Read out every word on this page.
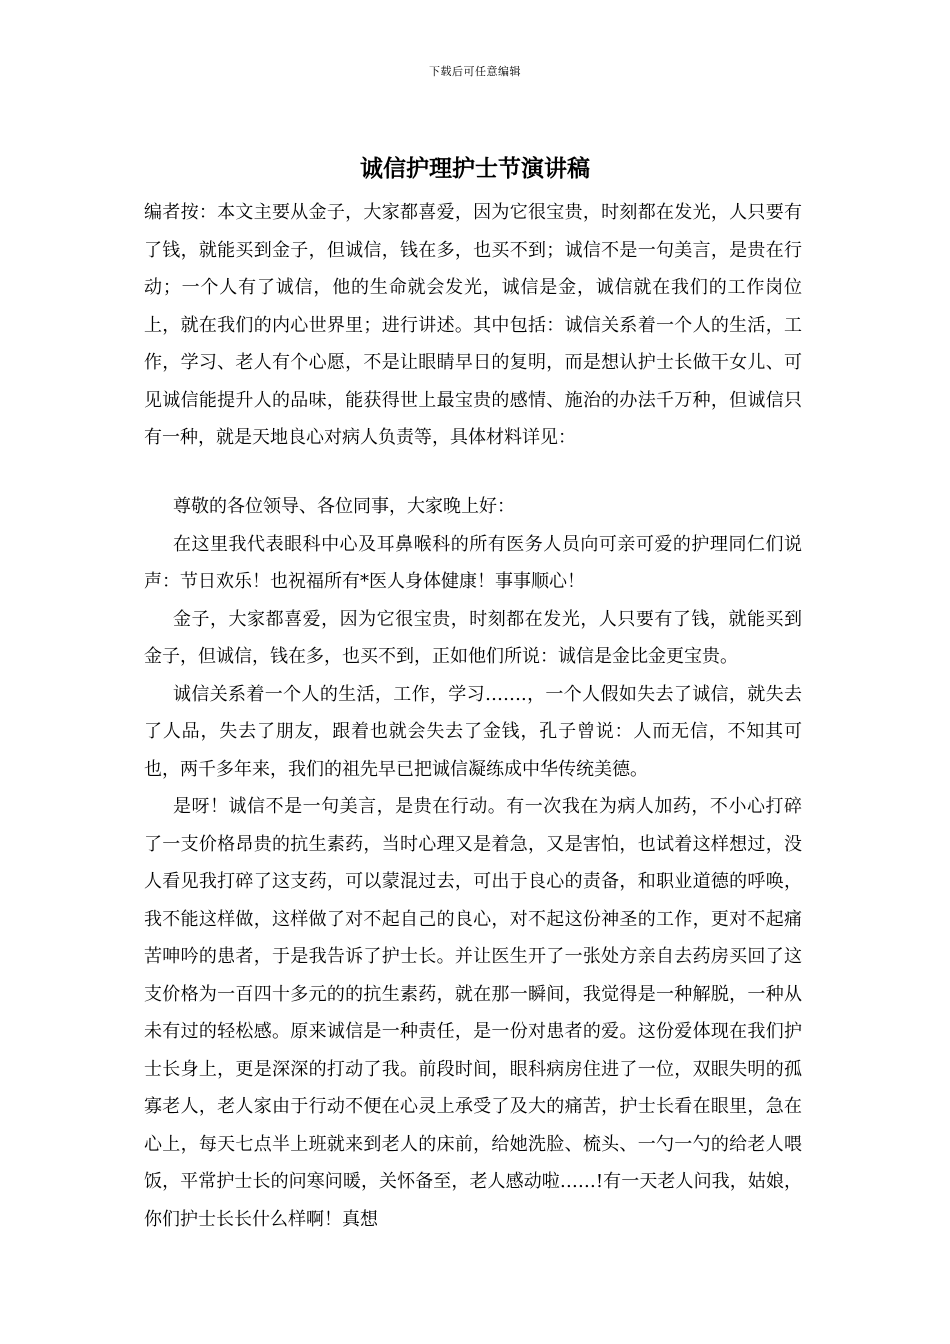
下载后可任意编辑
诚信护理护士节演讲稿

编者按：本文主要从金子，大家都喜爱，因为它很宝贵，时刻都在发光，人只要有了钱，就能买到金子，但诚信，钱在多，也买不到；诚信不是一句美言，是贵在行动；一个人有了诚信，他的生命就会发光，诚信是金，诚信就在我们的工作岗位上，就在我们的内心世界里；进行讲述。其中包括：诚信关系着一个人的生活，工作，学习、老人有个心愿，不是让眼睛早日的复明，而是想认护士长做干女儿、可见诚信能提升人的品味，能获得世上最宝贵的感情、施治的办法千万种，但诚信只有一种，就是天地良心对病人负责等，具体材料详见：

尊敬的各位领导、各位同事，大家晚上好：

在这里我代表眼科中心及耳鼻喉科的所有医务人员向可亲可爱的护理同仁们说声：节日欢乐！也祝福所有*医人身体健康！事事顺心！

金子，大家都喜爱，因为它很宝贵，时刻都在发光，人只要有了钱，就能买到金子，但诚信，钱在多，也买不到，正如他们所说：诚信是金比金更宝贵。

诚信关系着一个人的生活，工作，学习…….，一个人假如失去了诚信，就失去了人品，失去了朋友，跟着也就会失去了金钱，孔子曾说：人而无信，不知其可也，两千多年来，我们的祖先早已把诚信凝练成中华传统美德。

是呀！诚信不是一句美言，是贵在行动。有一次我在为病人加药，不小心打碎了一支价格昂贵的抗生素药，当时心理又是着急，又是害怕，也试着这样想过，没人看见我打碎了这支药，可以蒙混过去，可出于良心的责备，和职业道德的呼唤，我不能这样做，这样做了对不起自己的良心，对不起这份神圣的工作，更对不起痛苦呻吟的患者，于是我告诉了护士长。并让医生开了一张处方亲自去药房买回了这支价格为一百四十多元的的抗生素药，就在那一瞬间，我觉得是一种解脱，一种从未有过的轻松感。原来诚信是一种责任，是一份对患者的爱。这份爱体现在我们护士长身上，更是深深的打动了我。前段时间，眼科病房住进了一位，双眼失明的孤寡老人，老人家由于行动不便在心灵上承受了及大的痛苦，护士长看在眼里，急在心上，每天七点半上班就来到老人的床前，给她洗脸、梳头、一勺一勺的给老人喂饭，平常护士长的问寒问暖，关怀备至，老人感动啦……!有一天老人问我，姑娘，你们护士长长什么样啊！真想
